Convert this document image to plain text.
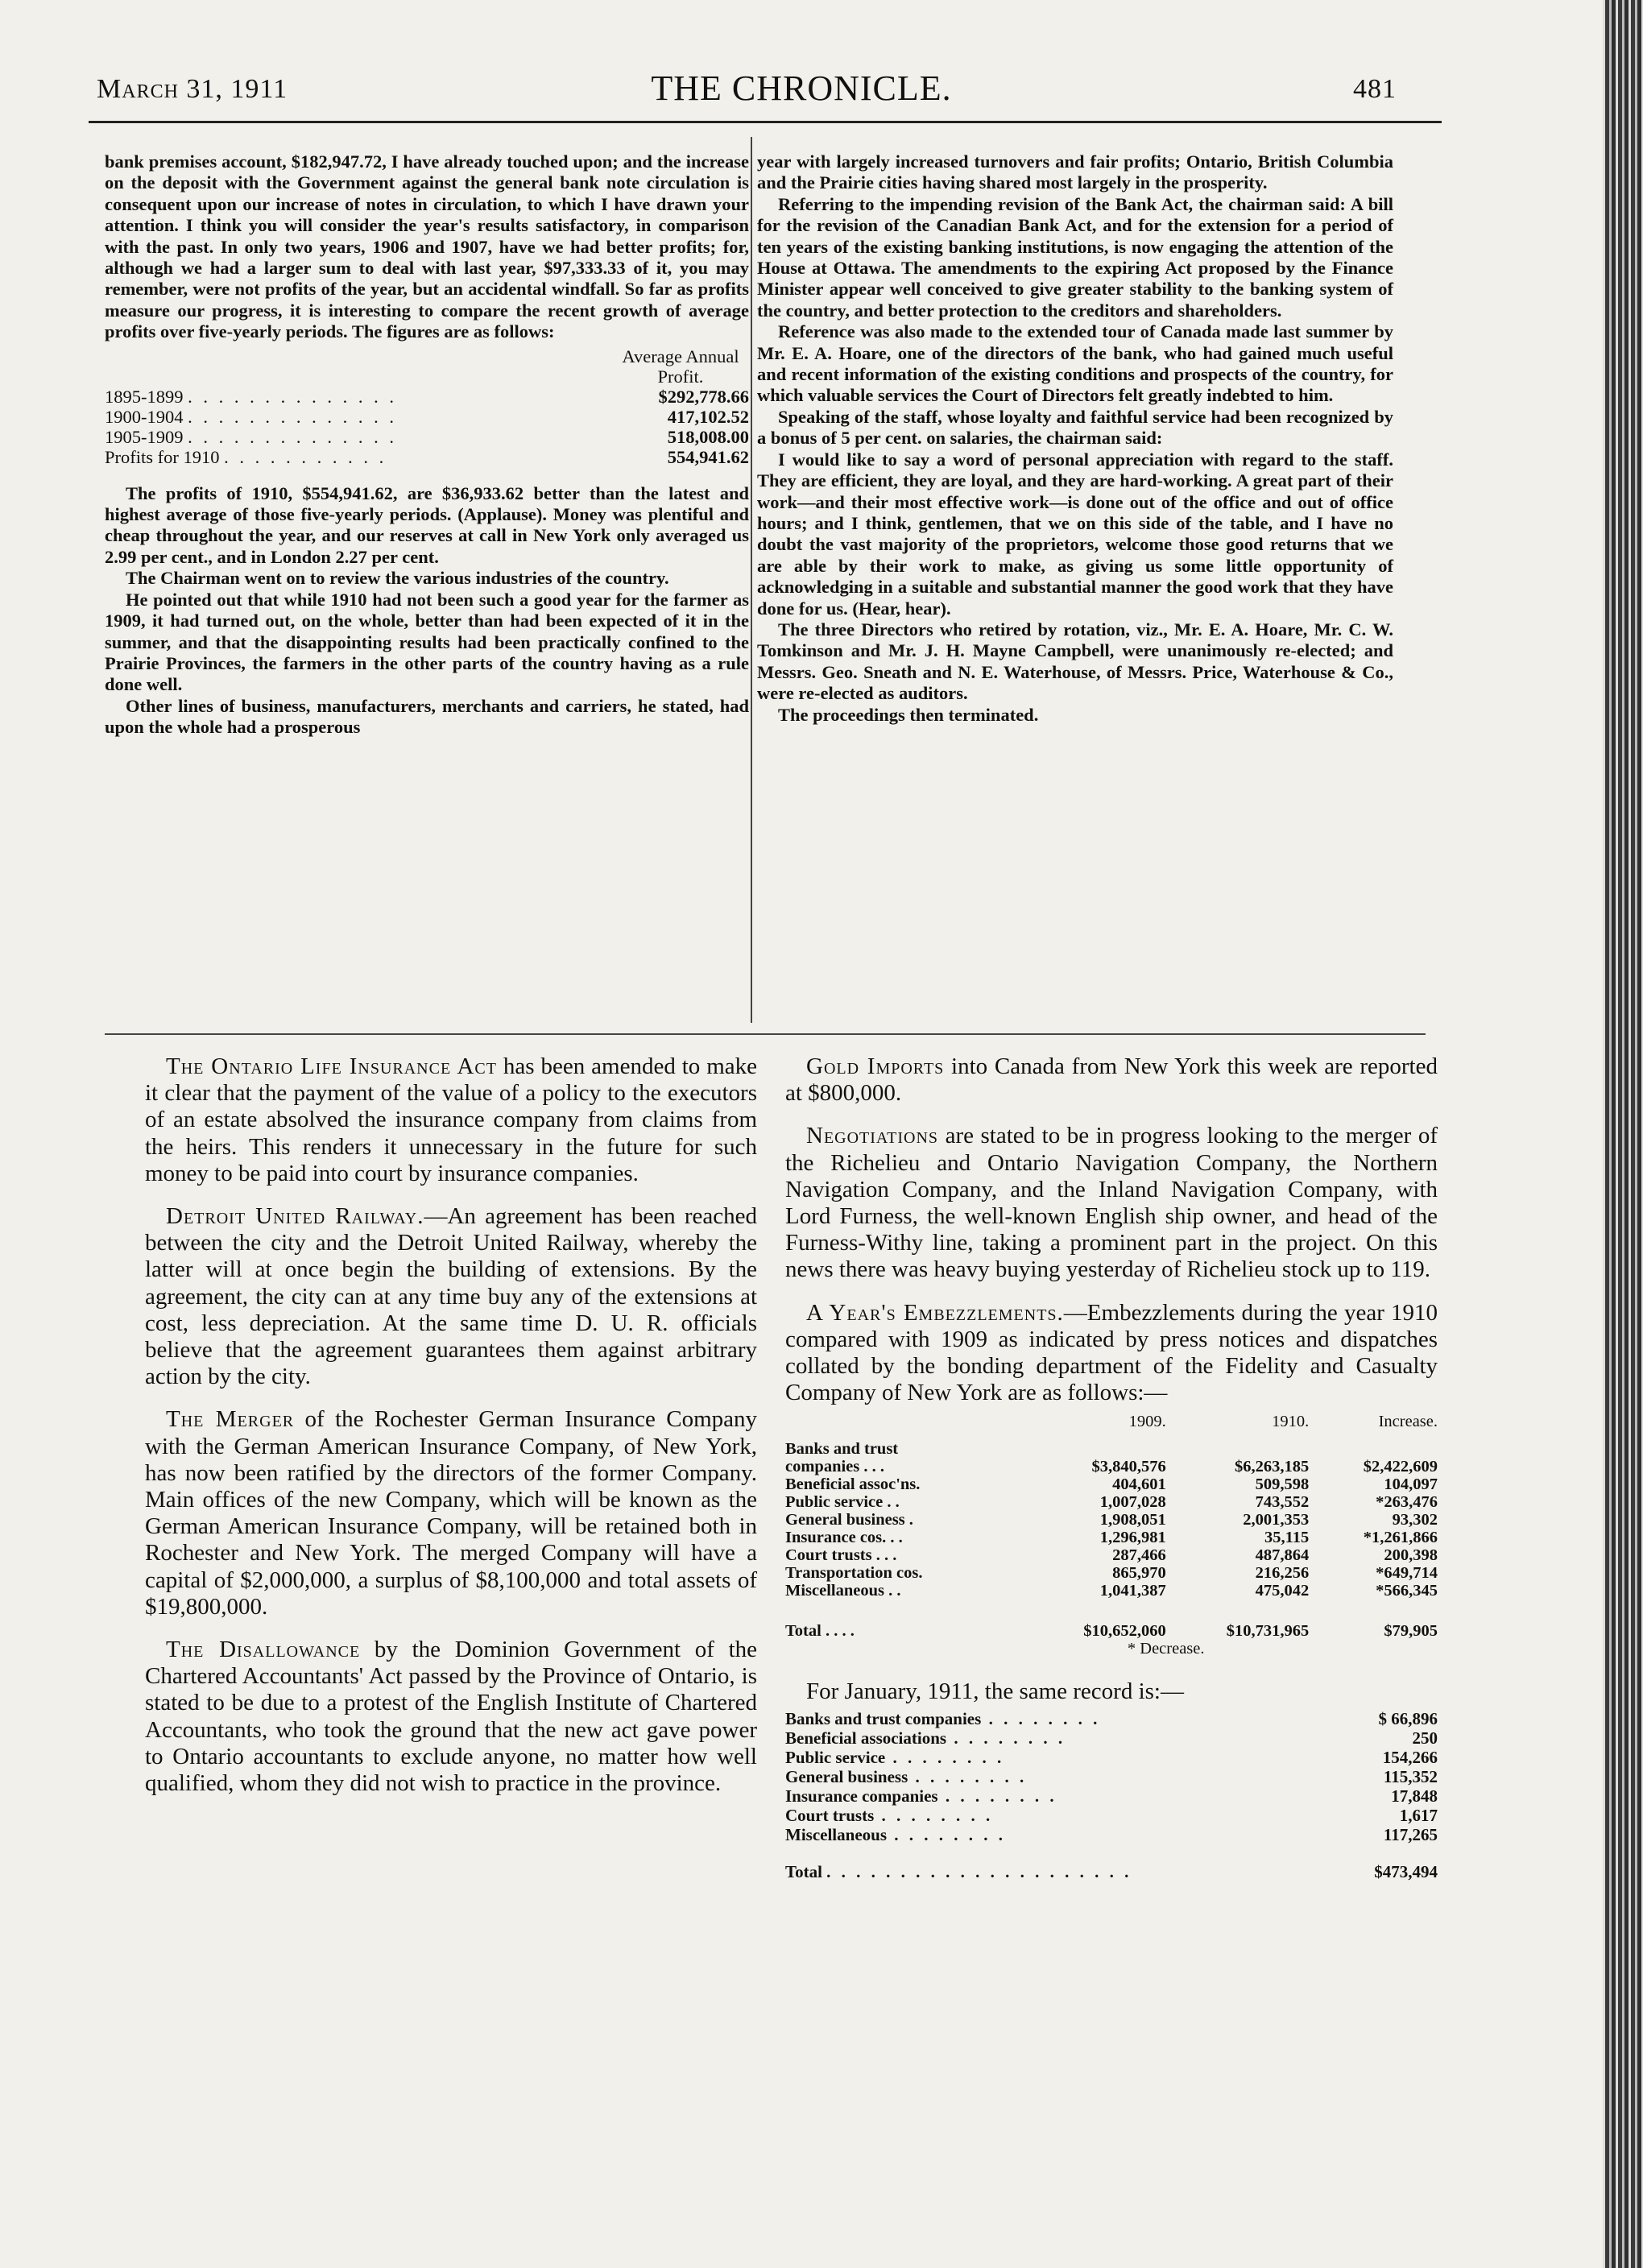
March 31, 1911	THE CHRONICLE.	481

bank premises account, $182,947.72, I have already touched upon; and the increase on the deposit with the Government against the general bank note circulation is consequent upon our increase of notes in circulation, to which I have drawn your attention. I think you will consider the year's results satisfactory, in comparison with the past. In only two years, 1906 and 1907, have we had better profits; for, although we had a larger sum to deal with last year, $97,333.33 of it, you may remember, were not profits of the year, but an accidental windfall. So far as profits measure our progress, it is interesting to compare the recent growth of average profits over five-yearly periods. The figures are as follows:

	Average Annual Profit.
1895-1899 . . . . . . . . . . . . . .	$292,778.66
1900-1904 . . . . . . . . . . . . . .	417,102.52
1905-1909 . . . . . . . . . . . . . .	518,008.00
Profits for 1910 . . . . . . . . . . .	554,941.62

The profits of 1910, $554,941.62, are $36,933.62 better than the latest and highest average of those five-yearly periods. (Applause). Money was plentiful and cheap throughout the year, and our reserves at call in New York only averaged us 2.99 per cent., and in London 2.27 per cent.

The Chairman went on to review the various industries of the country.

He pointed out that while 1910 had not been such a good year for the farmer as 1909, it had turned out, on the whole, better than had been expected of it in the summer, and that the disappointing results had been practically confined to the Prairie Provinces, the farmers in the other parts of the country having as a rule done well.

Other lines of business, manufacturers, merchants and carriers, he stated, had upon the whole had a prosperous

year with largely increased turnovers and fair profits; Ontario, British Columbia and the Prairie cities having shared most largely in the prosperity.

Referring to the impending revision of the Bank Act, the chairman said: A bill for the revision of the Canadian Bank Act, and for the extension for a period of ten years of the existing banking institutions, is now engaging the attention of the House at Ottawa. The amendments to the expiring Act proposed by the Finance Minister appear well conceived to give greater stability to the banking system of the country, and better protection to the creditors and shareholders.

Reference was also made to the extended tour of Canada made last summer by Mr. E. A. Hoare, one of the directors of the bank, who had gained much useful and recent information of the existing conditions and prospects of the country, for which valuable services the Court of Directors felt greatly indebted to him.

Speaking of the staff, whose loyalty and faithful service had been recognized by a bonus of 5 per cent. on salaries, the chairman said:

I would like to say a word of personal appreciation with regard to the staff. They are efficient, they are loyal, and they are hard-working. A great part of their work—and their most effective work—is done out of the office and out of office hours; and I think, gentlemen, that we on this side of the table, and I have no doubt the vast majority of the proprietors, welcome those good returns that we are able by their work to make, as giving us some little opportunity of acknowledging in a suitable and substantial manner the good work that they have done for us. (Hear, hear).

The three Directors who retired by rotation, viz., Mr. E. A. Hoare, Mr. C. W. Tomkinson and Mr. J. H. Mayne Campbell, were unanimously re-elected; and Messrs. Geo. Sneath and N. E. Waterhouse, of Messrs. Price, Waterhouse & Co., were re-elected as auditors.

The proceedings then terminated.

The Ontario Life Insurance Act has been amended to make it clear that the payment of the value of a policy to the executors of an estate absolved the insurance company from claims from the heirs. This renders it unnecessary in the future for such money to be paid into court by insurance companies.

Detroit United Railway.—An agreement has been reached between the city and the Detroit United Railway, whereby the latter will at once begin the building of extensions. By the agreement, the city can at any time buy any of the extensions at cost, less depreciation. At the same time D. U. R. officials believe that the agreement guarantees them against arbitrary action by the city.

The Merger of the Rochester German Insurance Company with the German American Insurance Company, of New York, has now been ratified by the directors of the former Company. Main offices of the new Company, which will be known as the German American Insurance Company, will be retained both in Rochester and New York. The merged Company will have a capital of $2,000,000, a surplus of $8,100,000 and total assets of $19,800,000.

The Disallowance by the Dominion Government of the Chartered Accountants' Act passed by the Province of Ontario, is stated to be due to a protest of the English Institute of Chartered Accountants, who took the ground that the new act gave power to Ontario accountants to exclude anyone, no matter how well qualified, whom they did not wish to practice in the province.

Gold Imports into Canada from New York this week are reported at $800,000.

Negotiations are stated to be in progress looking to the merger of the Richelieu and Ontario Navigation Company, the Northern Navigation Company, and the Inland Navigation Company, with Lord Furness, the well-known English ship owner, and head of the Furness-Withy line, taking a prominent part in the project. On this news there was heavy buying yesterday of Richelieu stock up to 119.

A Year's Embezzlements.—Embezzlements during the year 1910 compared with 1909 as indicated by press notices and dispatches collated by the bonding department of the Fidelity and Casualty Company of New York are as follows:—

	1909.	1910.	Increase.
Banks and trust			
companies . . .	$3,840,576	$6,263,185	$2,422,609
Beneficial assoc'ns.	404,601	509,598	104,097
Public service . .	1,007,028	743,552	*263,476
General business .	1,908,051	2,001,353	93,302
Insurance cos. . .	1,296,981	35,115	*1,261,866
Court trusts . . .	287,466	487,864	200,398
Transportation cos.	865,970	216,256	*649,714
Miscellaneous . .	1,041,387	475,042	*566,345
Total . . . .	$10,652,060	$10,731,965	$79,905
	* Decrease.		

For January, 1911, the same record is:—

Banks and trust companies . . . . . . . .	$ 66,896
Beneficial associations . . . . . . . .	250
Public service . . . . . . . .	154,266
General business . . . . . . . .	115,352
Insurance companies . . . . . . . .	17,848
Court trusts . . . . . . . .	1,617
Miscellaneous . . . . . . . .	117,265
Total . . . . . . . . . . . . . . . . . . . . .	$473,494
